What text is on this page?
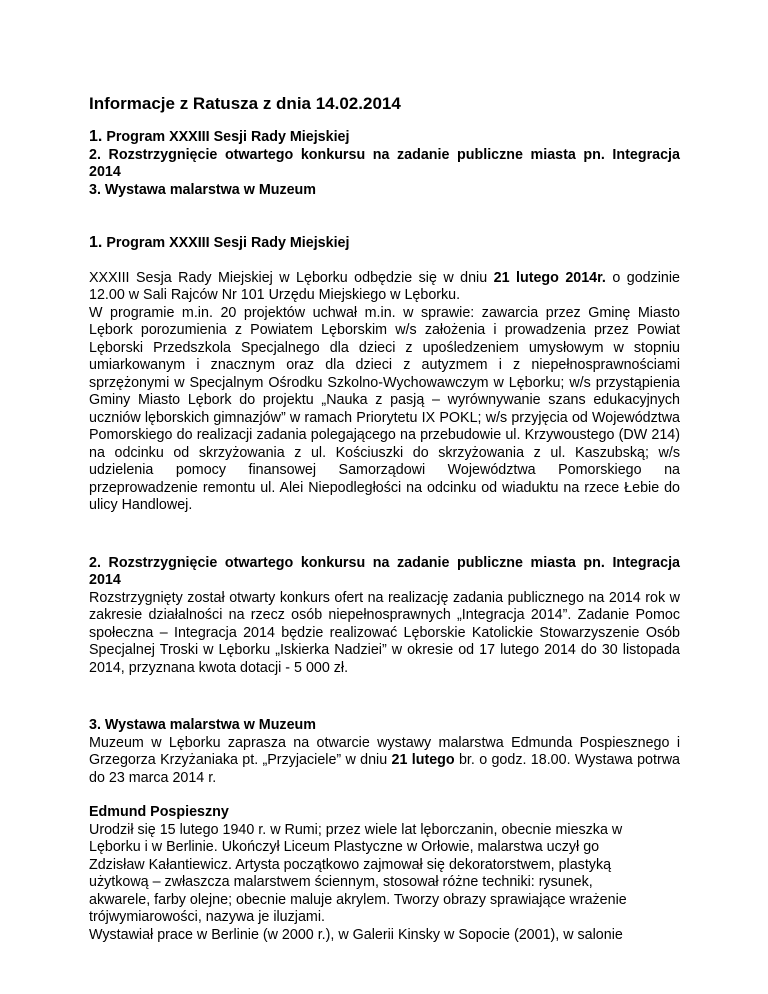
Informacje z Ratusza z dnia 14.02.2014
1. Program XXXIII Sesji Rady Miejskiej
2. Rozstrzygnięcie otwartego konkursu na zadanie publiczne miasta pn. Integracja 2014
3. Wystawa malarstwa w Muzeum
1. Program XXXIII Sesji Rady Miejskiej

XXXIII Sesja Rady Miejskiej w Lęborku odbędzie się w dniu 21 lutego 2014r. o godzinie 12.00 w Sali Rajców Nr 101 Urzędu Miejskiego w Lęborku.

W programie m.in. 20 projektów uchwał m.in. w sprawie: zawarcia przez Gminę Miasto Lębork porozumienia z Powiatem Lęborskim w/s założenia i prowadzenia przez Powiat Lęborski Przedszkola Specjalnego dla dzieci z upośledzeniem umysłowym w stopniu umiarkowanym i znacznym oraz dla dzieci z autyzmem i z niepełnosprawnościami sprzężonymi w Specjalnym Ośrodku Szkolno-Wychowawczym w Lęborku; w/s przystąpienia Gminy Miasto Lębork do projektu „Nauka z pasją – wyrównywanie szans edukacyjnych uczniów lęborskich gimnazjów” w ramach Priorytetu IX POKL; w/s przyjęcia od Województwa Pomorskiego do realizacji zadania polegającego na przebudowie ul. Krzywoustego (DW 214) na odcinku od skrzyżowania z ul. Kościuszki do skrzyżowania z ul. Kaszubską; w/s udzielenia pomocy finansowej Samorządowi Województwa Pomorskiego na przeprowadzenie remontu ul. Alei Niepodległości na odcinku od wiaduktu na rzece Łebie do ulicy Handlowej.

2. Rozstrzygnięcie otwartego konkursu na zadanie publiczne miasta pn. Integracja 2014

Rozstrzygnięty został otwarty konkurs ofert na realizację zadania publicznego na 2014 rok w zakresie działalności na rzecz osób niepełnosprawnych „Integracja 2014”. Zadanie Pomoc społeczna – Integracja 2014 będzie realizować Lęborskie Katolickie Stowarzyszenie Osób Specjalnej Troski w Lęborku „Iskierka Nadziei” w okresie od 17 lutego 2014 do 30 listopada 2014, przyznana kwota dotacji - 5 000 zł.

3. Wystawa malarstwa w Muzeum

Muzeum w Lęborku zaprasza na otwarcie wystawy malarstwa Edmunda Pospiesznego i Grzegorza Krzyżaniaka pt. „Przyjaciele” w dniu 21 lutego br. o godz. 18.00. Wystawa potrwa do 23 marca 2014 r.

Edmund Pospieszny
Urodził się 15 lutego 1940 r. w Rumi; przez wiele lat lęborczanin, obecnie mieszka w
Lęborku i w Berlinie. Ukończył Liceum Plastyczne w Orłowie, malarstwa uczył go
Zdzisław Kałantiewicz. Artysta początkowo zajmował się dekoratorstwem, plastyką
użytkową – zwłaszcza malarstwem ściennym, stosował różne techniki: rysunek,
akwarele, farby olejne; obecnie maluje akrylem. Tworzy obrazy sprawiające wrażenie
trójwymiarowości, nazywa je iluzjami.
Wystawiał prace w Berlinie (w 2000 r.), w Galerii Kinsky w Sopocie (2001), w salonie
